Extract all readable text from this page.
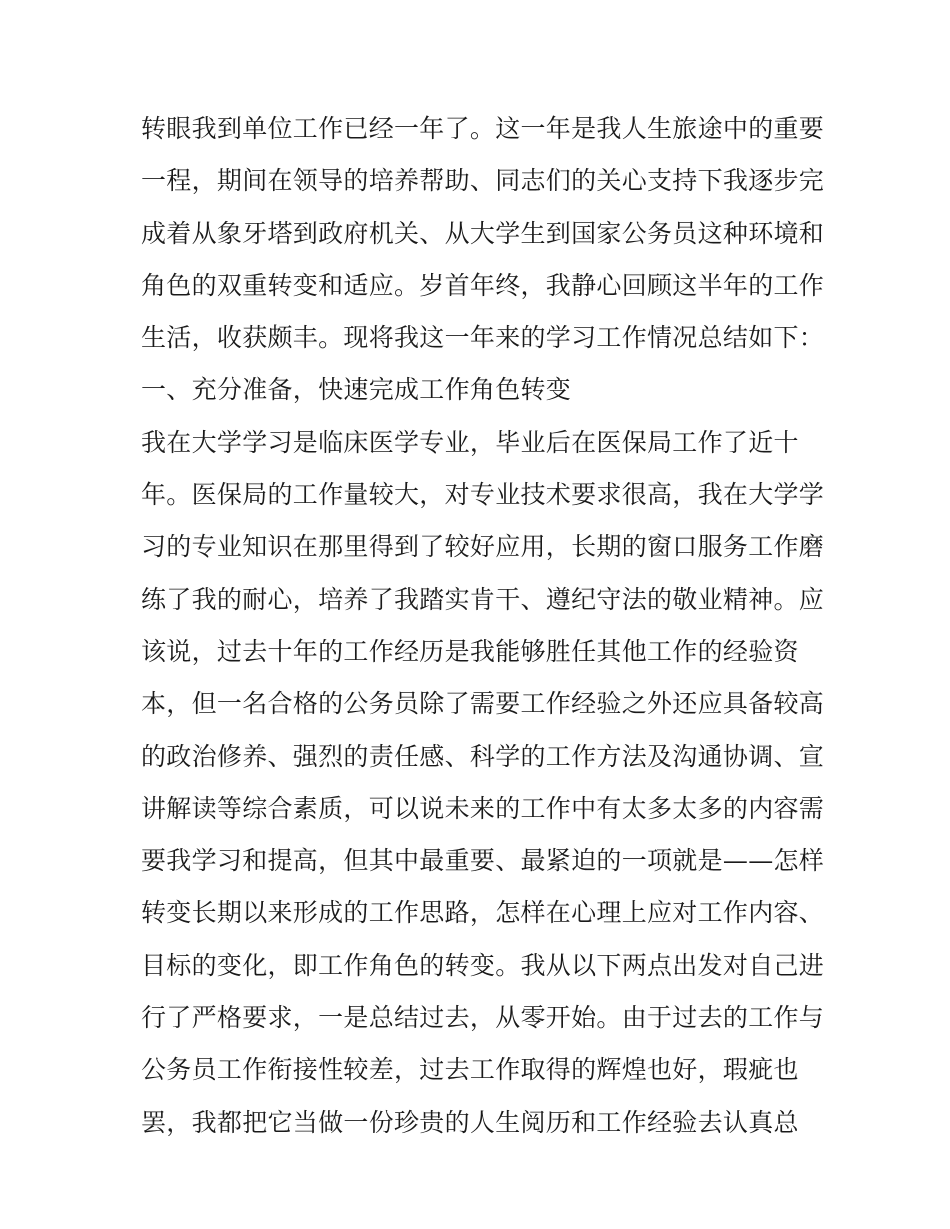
转眼我到单位工作已经一年了。这一年是我人生旅途中的重要
一程，期间在领导的培养帮助、同志们的关心支持下我逐步完
成着从象牙塔到政府机关、从大学生到国家公务员这种环境和
角色的双重转变和适应。岁首年终，我静心回顾这半年的工作
生活，收获颇丰。现将我这一年来的学习工作情况总结如下：
一、充分准备，快速完成工作角色转变
我在大学学习是临床医学专业，毕业后在医保局工作了近十
年。医保局的工作量较大，对专业技术要求很高，我在大学学
习的专业知识在那里得到了较好应用，长期的窗口服务工作磨
练了我的耐心，培养了我踏实肯干、遵纪守法的敬业精神。应
该说，过去十年的工作经历是我能够胜任其他工作的经验资
本，但一名合格的公务员除了需要工作经验之外还应具备较高
的政治修养、强烈的责任感、科学的工作方法及沟通协调、宣
讲解读等综合素质，可以说未来的工作中有太多太多的内容需
要我学习和提高，但其中最重要、最紧迫的一项就是——怎样
转变长期以来形成的工作思路，怎样在心理上应对工作内容、
目标的变化，即工作角色的转变。我从以下两点出发对自己进
行了严格要求，一是总结过去，从零开始。由于过去的工作与
公务员工作衔接性较差，过去工作取得的辉煌也好，瑕疵也
罢，我都把它当做一份珍贵的人生阅历和工作经验去认真总
